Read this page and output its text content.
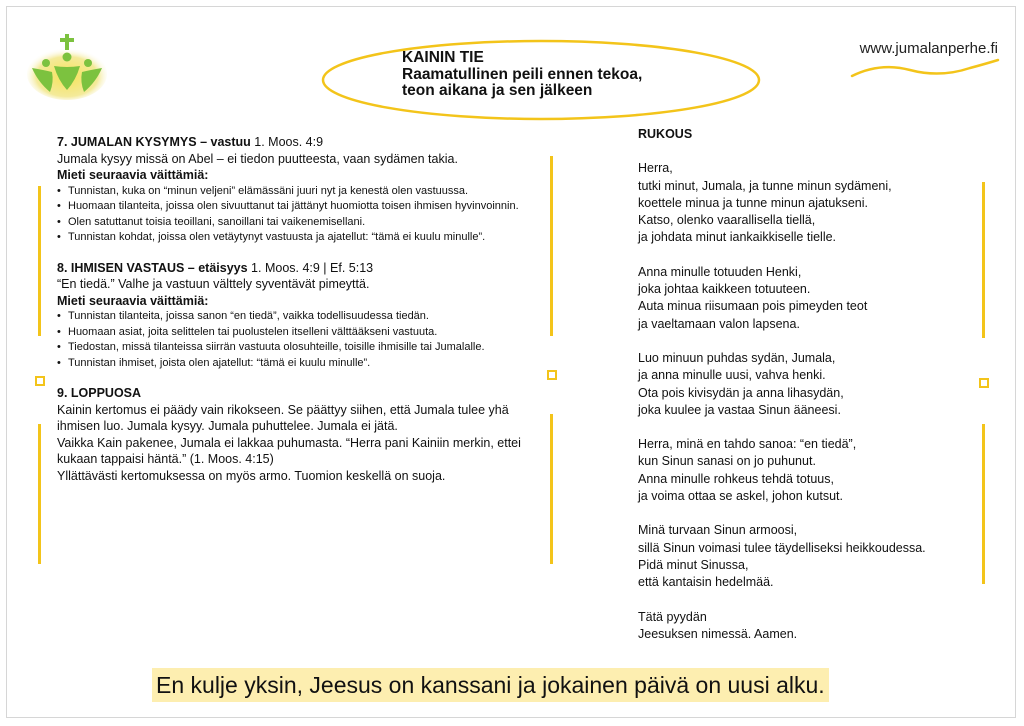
KAININ TIE
Raamatullinen peili ennen tekoa,
teon aikana ja sen jälkeen
www.jumalanperhe.fi
7. JUMALAN KYSYMYS – vastuu 1. Moos. 4:9

Jumala kysyy missä on Abel – ei tiedon puutteesta, vaan sydämen takia.

Mieti seuraavia väittämiä:

• Tunnistan, kuka on “minun veljeni” elämässäni juuri nyt ja kenestä olen vastuussa.
• Huomaan tilanteita, joissa olen sivuuttanut tai jättänyt huomiotta toisen ihmisen hyvinvoinnin.
• Olen satuttanut toisia teoillani, sanoillani tai vaikenemisellani.
• Tunnistan kohdat, joissa olen vetäytynyt vastuusta ja ajatellut: “tämä ei kuulu minulle”.
8. IHMISEN VASTAUS – etäisyys 1. Moos. 4:9 | Ef. 5:13

“En tiedä.” Valhe ja vastuun välttely syventävät pimeyttä.

Mieti seuraavia väittämiä:

• Tunnistan tilanteita, joissa sanon “en tiedä”, vaikka todellisuudessa tiedän.
• Huomaan asiat, joita selittelen tai puolustelen itselleni välttääkseni vastuuta.
• Tiedostan, missä tilanteissa siirrän vastuuta olosuhteille, toisille ihmisille tai Jumalalle.
• Tunnistan ihmiset, joista olen ajatellut: “tämä ei kuulu minulle”.
9. LOPPUOSA

Kainin kertomus ei päädy vain rikokseen. Se päättyy siihen, että Jumala tulee yhä ihmisen luo. Jumala kysyy. Jumala puhuttelee. Jumala ei jätä.

Vaikka Kain pakenee, Jumala ei lakkaa puhumasta. “Herra pani Kainiin merkin, ettei kukaan tappaisi häntä.” (1. Moos. 4:15)

Yllättävästi kertomuksessa on myös armo. Tuomion keskellä on suoja.

RUKOUS

Herra,
tutki minut, Jumala, ja tunne minun sydämeni,
koettele minua ja tunne minun ajatukseni.
Katso, olenko vaarallisella tiellä,
ja johdata minut iankaikkiselle tielle.
Anna minulle totuuden Henki,
joka johtaa kaikkeen totuuteen.
Auta minua riisumaan pois pimeyden teot
ja vaeltamaan valon lapsena.
Luo minuun puhdas sydän, Jumala,
ja anna minulle uusi, vahva henki.
Ota pois kivisydän ja anna lihasydän,
joka kuulee ja vastaa Sinun ääneesi.
Herra, minä en tahdo sanoa: “en tiedä”,
kun Sinun sanasi on jo puhunut.
Anna minulle rohkeus tehdä totuus,
ja voima ottaa se askel, johon kutsut.
Minä turvaan Sinun armoosi,
sillä Sinun voimasi tulee täydelliseksi heikkoudessa.
Pidä minut Sinussa,
että kantaisin hedelmää.
Tätä pyydän
Jeesuksen nimessä. Aamen.
En kulje yksin, Jeesus on kanssani ja jokainen päivä on uusi alku.
